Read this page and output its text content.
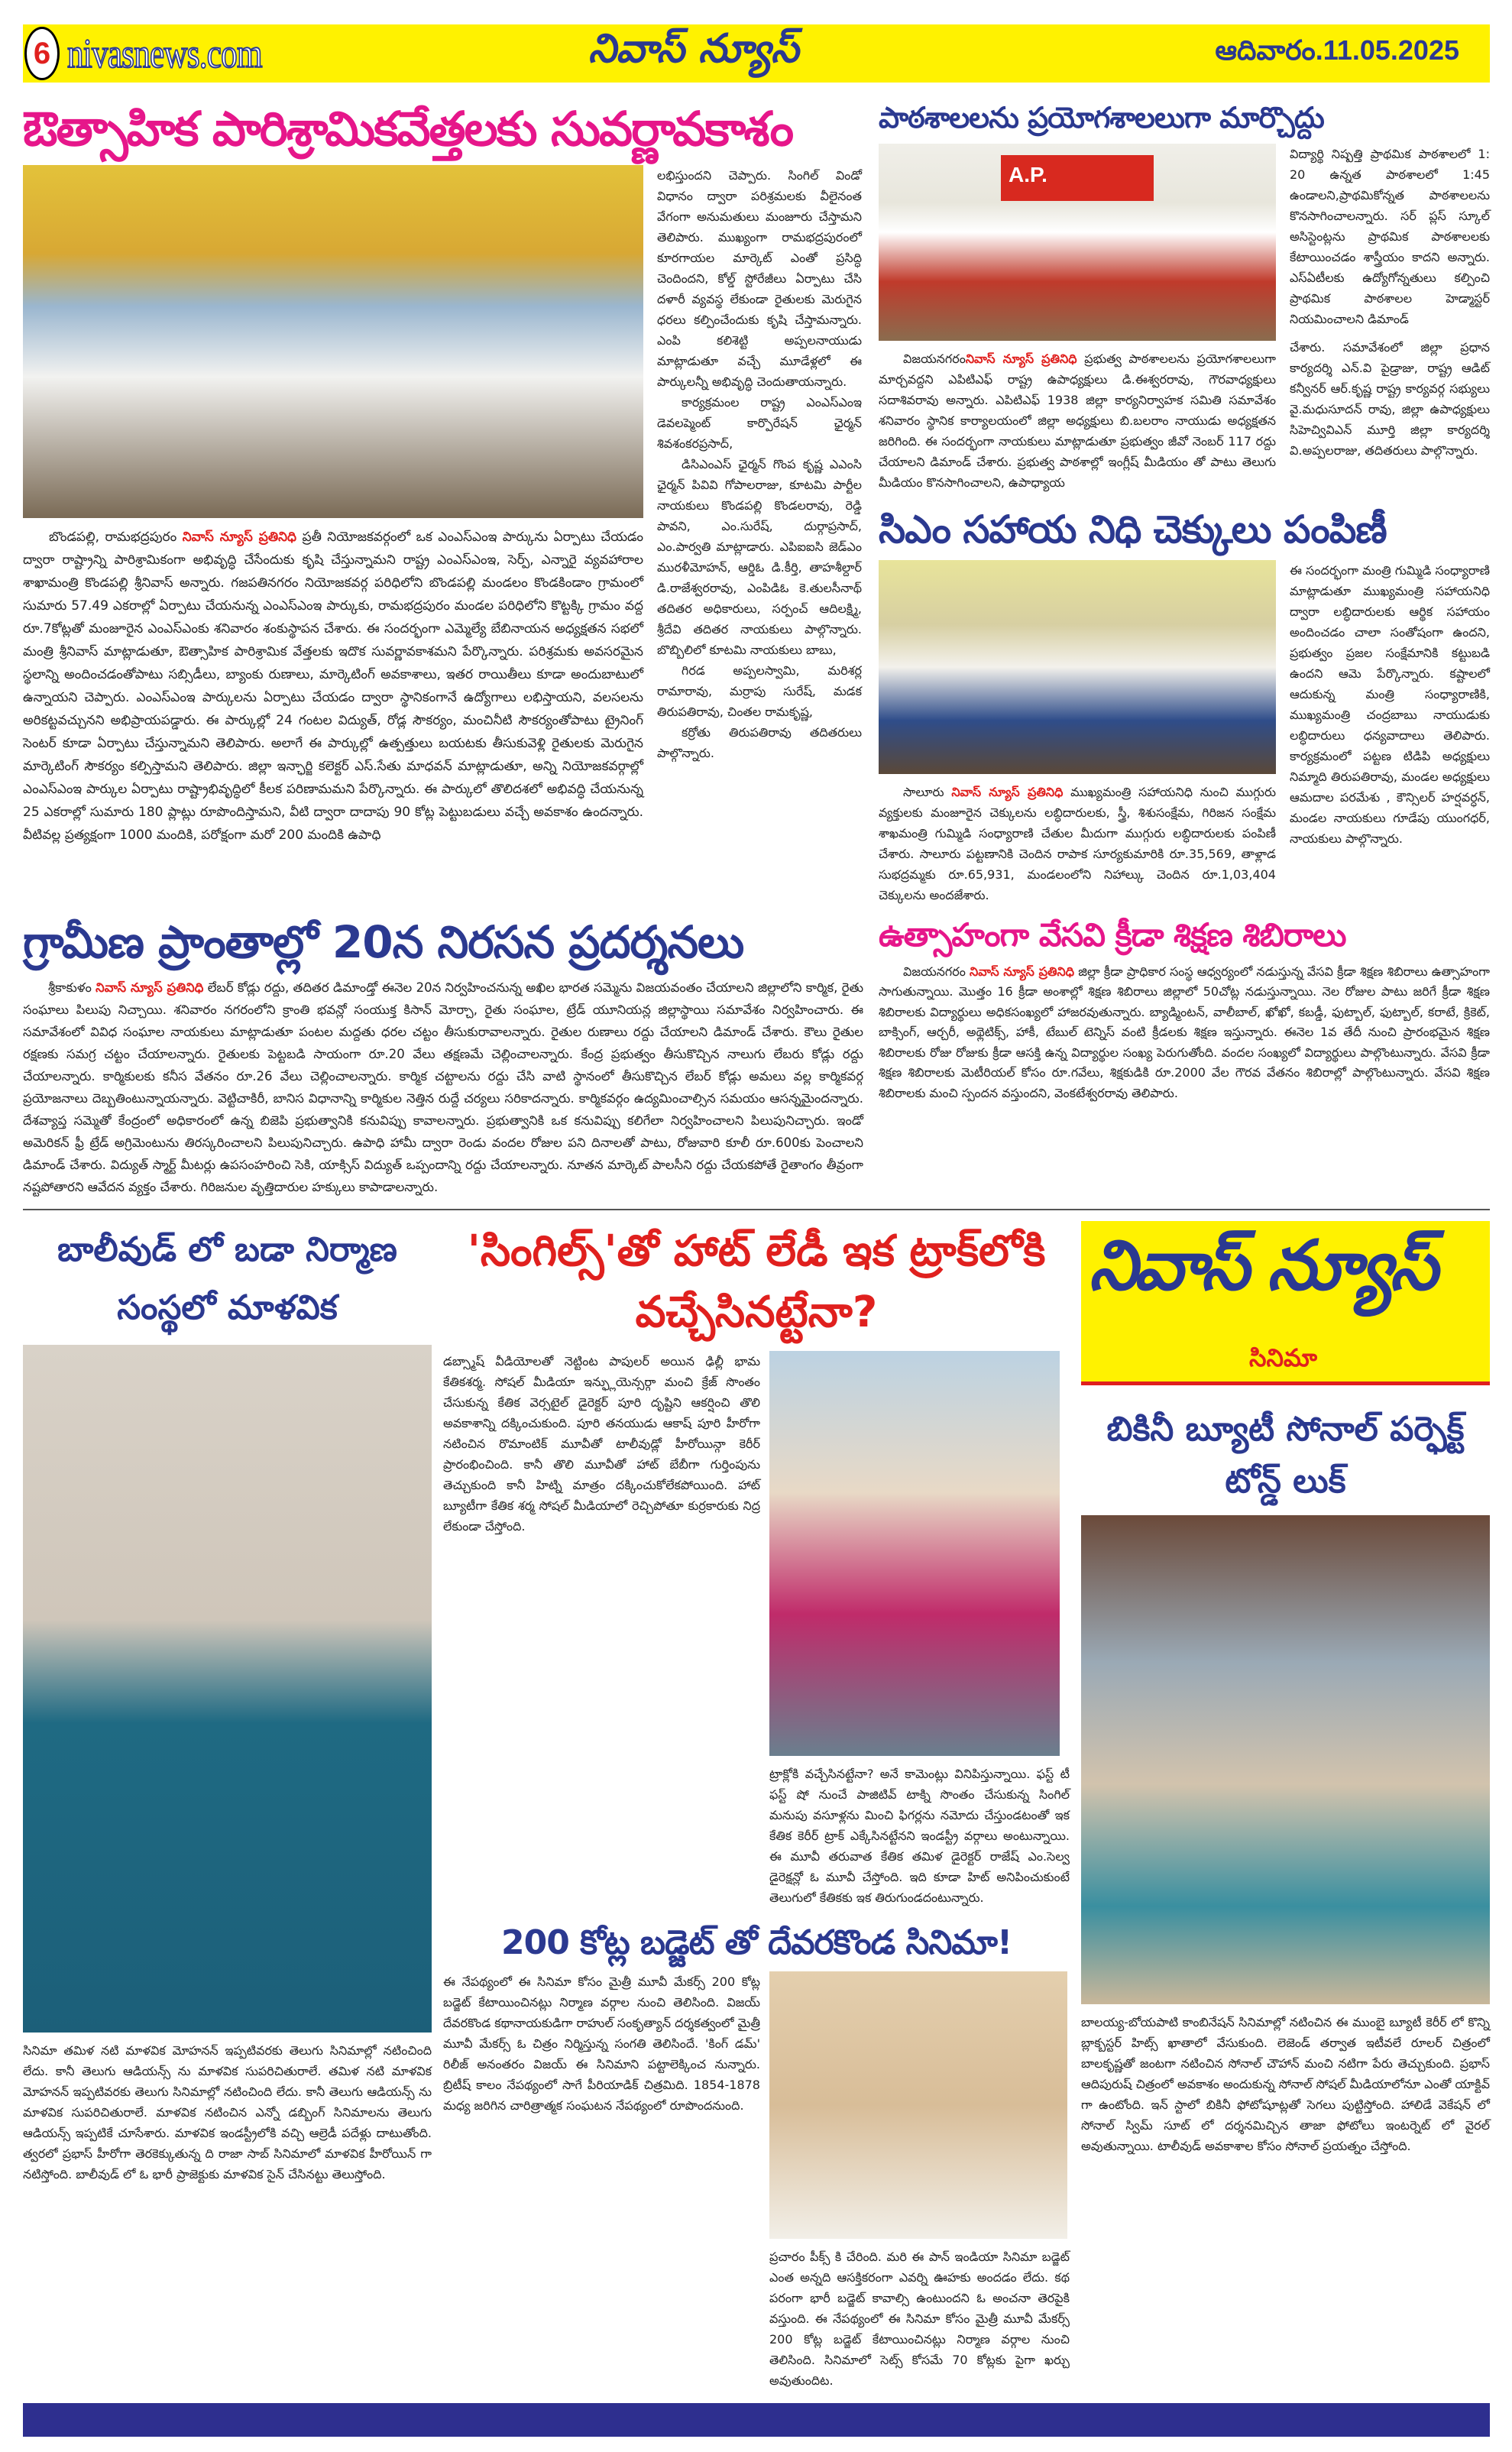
6 nivasnews.com	నివాస్ న్యూస్	ఆదివారం.11.05.2025
ఔత్సాహిక పారిశ్రామికవేత్తలకు సువర్ణావకాశం

బొండపల్లి, రామభద్రపురం నివాస్ న్యూస్ ప్రతినిధి ప్రతీ నియోజకవర్గంలో ఒక ఎంఎస్ఎంఇ పార్కును ఏర్పాటు చేయడం ద్వారా రాష్ట్రాన్ని పారిశ్రామికంగా అభివృద్ధి చేసేందుకు కృషి చేస్తున్నామని రాష్ట్ర ఎంఎస్ఎంఇ, సెర్ప్, ఎన్నారై వ్యవహారాల శాఖామంత్రి కొండపల్లి శ్రీనివాస్ అన్నారు. గజపతినగరం నియోజకవర్గ పరిధిలోని బొండపల్లి మండలం కొండకిండాం గ్రామంలో సుమారు 57.49 ఎకరాల్లో ఏర్పాటు చేయనున్న ఎంఎస్ఎంఇ పార్కుకు, రామభద్రపురం మండల పరిధిలోని కొట్టక్కి గ్రామం వద్ద రూ.7కోట్లతో మంజూరైన ఎంఎస్ఎంకు శనివారం శంకుస్థాపన చేశారు. ఈ సందర్భంగా ఎమ్మెల్యే బేబినాయన అధ్యక్షతన సభలో మంత్రి శ్రీనివాస్ మాట్లాడుతూ, ఔత్సాహిక పారిశ్రామిక వేత్తలకు ఇదొక సువర్ణావకాశమని పేర్కొన్నారు. పరిశ్రమకు అవసరమైన స్థలాన్ని అందించడంతోపాటు సబ్సిడీలు, బ్యాంకు రుణాలు, మార్కెటింగ్ అవకాశాలు, ఇతర రాయితీలు కూడా అందుబాటులో ఉన్నాయని చెప్పారు. ఎంఎస్ఎంఇ పార్కులను ఏర్పాటు చేయడం ద్వారా స్థానికంగానే ఉద్యోగాలు లభిస్తాయని, వలసలను అరికట్టవచ్చునని అభిప్రాయపడ్డారు. ఈ పార్కుల్లో 24 గంటల విద్యుత్, రోడ్ల సౌకర్యం, మంచినీటి సౌకర్యంతోపాటు ట్రైనింగ్ సెంటర్ కూడా ఏర్పాటు చేస్తున్నామని తెలిపారు. అలాగే ఈ పార్కుల్లో ఉత్పత్తులు బయటకు తీసుకువెళ్లి రైతులకు మెరుగైన మార్కెటింగ్ సౌకర్యం కల్పిస్తామని తెలిపారు. జిల్లా ఇన్ఛార్జి కలెక్టర్ ఎస్.సేతు మాధవన్ మాట్లాడుతూ, అన్ని నియోజకవర్గాల్లో ఎంఎస్ఎంఇ పార్కుల ఏర్పాటు రాష్ట్రాభివృద్ధిలో కీలక పరిణామమని పేర్కొన్నారు. ఈ పార్కులో తొలిదశలో అభివద్ధి చేయనున్న 25 ఎకరాల్లో సుమారు 180 ప్లాట్లు రూపొందిస్తామని, వీటి ద్వారా దాదాపు 90 కోట్ల పెట్టుబడులు వచ్చే అవకాశం ఉందన్నారు. వీటివల్ల ప్రత్యక్షంగా 1000 మందికి, పరోక్షంగా మరో 200 మందికి ఉపాధి

లభిస్తుందని చెప్పారు. సింగిల్ విండో విధానం ద్వారా పరిశ్రమలకు వీలైనంత వేగంగా అనుమతులు మంజూరు చేస్తామని తెలిపారు. ముఖ్యంగా రామభద్రపురంలో కూరగాయల మార్కెట్ ఎంతో ప్రసిద్ధి చెందిందని, కోల్డ్ స్టోరేజీలు ఏర్పాటు చేసి దళారీ వ్యవస్థ లేకుండా రైతులకు మెరుగైన ధరలు కల్పించేందుకు కృషి చేస్తామన్నారు. ఎంపి కలిశెట్టి అప్పలనాయుడు మాట్లాడుతూ వచ్చే మూడేళ్లలో ఈ పార్కులన్నీ అభివృద్ధి చెందుతాయన్నారు.

కార్యక్రమంల రాష్ట్ర ఎంఎస్ఎంఇ డెవలప్మెంట్ కార్పొరేషన్ ఛైర్మన్ శివశంకరప్రసాద్,

డిసిఎంఎస్ ఛైర్మన్ గొంప కృష్ణ ఎఎంసి ఛైర్మన్ పివివి గోపాలరాజు, కూటమి పార్టీల నాయకులు కొండపల్లి కొండలరావు, రెడ్డి పావని, ఎం.సురేష్, దుర్గాప్రసాద్, ఎం.పార్వతి మాట్లాడారు. ఎపిఐఐసి జెడ్ఎం మురళీమోహన్, ఆర్డిఓ డి.కీర్తి, తాహశీల్దార్ డి.రాజేశ్వరరావు, ఎంపిడిఓ కె.తులసీనాథ్ తదితర అధికారులు, సర్పంచ్ ఆదిలక్ష్మి, శ్రీదేవి తదితర నాయకులు పాల్గొన్నారు. బొబ్బిలిలో కూటమి నాయకులు బాబు,

గిరడ అప్పలస్వామి, మరిశర్ల రామారావు, మర్రాపు సురేష్, మడక తిరుపతిరావు, చింతల రామకృష్ణ,

కర్రోతు తిరుపతిరావు తదితరులు పాల్గొన్నారు.

పాఠశాలలను ప్రయోగశాలలుగా మార్చొద్దు
A.P.

విజయనగరంనివాస్ న్యూస్ ప్రతినిధి ప్రభుత్వ పాఠశాలలను ప్రయోగశాలలుగా మార్చవద్దని ఎపిటిఎఫ్ రాష్ట్ర ఉపాధ్యక్షులు డి.ఈశ్వరరావు, గౌరవాధ్యక్షులు సదాశివరావు అన్నారు. ఎపిటిఎఫ్ 1938 జిల్లా కార్యనిర్వాహక సమితి సమావేశం శనివారం స్థానిక కార్యాలయంలో జిల్లా అధ్యక్షులు బి.బలరాం నాయుడు అధ్యక్షతన జరిగింది. ఈ సందర్భంగా నాయకులు మాట్లాడుతూ ప్రభుత్వం జీవో నెంబర్ 117 రద్దు చేయాలని డిమాండ్ చేశారు. ప్రభుత్వ పాఠశాల్లో ఇంగ్లీష్ మీడియం తో పాటు తెలుగు మీడియం కొనసాగించాలని, ఉపాధ్యాయ

విద్యార్థి నిష్పత్తి ప్రాథమిక పాఠశాలలో 1: 20 ఉన్నత పాఠశాలలో 1:45 ఉండాలని,ప్రాథమికోన్నత పాఠశాలలను కొనసాగించాలన్నారు. సర్ ప్లస్ స్కూల్ అసిస్టెంట్లను ప్రాథమిక పాఠశాలలకు కేటాయించడం శాస్త్రీయం కాదని అన్నారు. ఎస్ఏటీలకు ఉద్యోగోన్నతులు కల్పించి ప్రాథమిక పాఠశాలల హెడ్మాస్టర్ నియమించాలని డిమాండ్
చేశారు. సమావేశంలో జిల్లా ప్రధాన కార్యదర్శి ఎన్.వి పైడ్రాజు, రాష్ట్ర ఆడిట్ కన్వీనర్ ఆర్.కృష్ణ రాష్ట్ర కార్యవర్గ సభ్యులు వై.మధుసూదన్ రావు, జిల్లా ఉపాధ్యక్షులు సిహెచ్వివిఎన్ మూర్తి జిల్లా కార్యదర్శి వి.అప్పలరాజు, తదితరులు పాల్గొన్నారు.
సిఎం సహాయ నిధి చెక్కులు పంపిణీ

సాలూరు నివాస్ న్యూస్ ప్రతినిధి ముఖ్యమంత్రి సహాయనిధి నుంచి ముగ్గురు వ్యక్తులకు మంజూరైన చెక్కులను లబ్ధిదారులకు, స్త్రీ, శిశుసంక్షేమ, గిరిజన సంక్షేమ శాఖమంత్రి గుమ్మిడి సంధ్యారాణి చేతుల మీదుగా ముగ్గురు లబ్ధిదారులకు పంపిణీ చేశారు. సాలూరు పట్టణానికి చెందిన రాపాక సూర్యకుమారికి రూ.35,569, తాళ్లాడ సుభద్రమ్మకు రూ.65,931, మండలంలోని నిహాల్కు చెందిన రూ.1,03,404 చెక్కులను అందజేశారు.

ఈ సందర్భంగా మంత్రి గుమ్మిడి సంధ్యారాణి మాట్లాడుతూ ముఖ్యమంత్రి సహాయనిధి ద్వారా లబ్ధిదారులకు ఆర్థిక సహాయం అందించడం చాలా సంతోషంగా ఉందని, ప్రభుత్వం ప్రజల సంక్షేమానికి కట్టుబడి ఉందని ఆమె పేర్కొన్నారు. కష్టాలలో ఆదుకున్న మంత్రి సంధ్యారాణికి, ముఖ్యమంత్రి చంద్రబాబు నాయుడుకు లబ్ధిదారులు ధన్యవాదాలు తెలిపారు. కార్యక్రమంలో పట్టణ టిడిపి అధ్యక్షులు నిమ్మాది తిరుపతిరావు, మండల అధ్యక్షులు ఆమదాల పరమేశు , కౌన్సిలర్ హర్షవర్ధన్, మండల నాయకులు గూడేపు యుంగధర్, నాయకులు పాల్గొన్నారు.
గ్రామీణ ప్రాంతాల్లో 20న నిరసన ప్రదర్శనలు

శ్రీకాకుళం నివాస్ న్యూస్ ప్రతినిధి లేబర్ కోడ్లు రద్దు, తదితర డిమాండ్తో ఈనెల 20న నిర్వహించనున్న అఖిల భారత సమ్మెను విజయవంతం చేయాలని జిల్లాలోని కార్మిక, రైతు సంఘాలు పిలుపు నిచ్చాయి. శనివారం నగరంలోని క్రాంతి భవన్లో సంయుక్త కిసాన్ మోర్చా, రైతు సంఘాల, ట్రేడ్ యూనియన్ల జిల్లాస్థాయి సమావేశం నిర్వహించారు. ఈ సమావేశంలో వివిధ సంఘాల నాయకులు మాట్లాడుతూ పంటల మద్దతు ధరల చట్టం తీసుకురావాలన్నారు. రైతుల రుణాలు రద్దు చేయాలని డిమాండ్ చేశారు. కౌలు రైతుల రక్షణకు సమగ్ర చట్టం చేయాలన్నారు. రైతులకు పెట్టబడి సాయంగా రూ.20 వేలు తక్షణమే చెల్లించాలన్నారు. కేంద్ర ప్రభుత్వం తీసుకొచ్చిన నాలుగు లేబరు కోడ్లు రద్దు చేయాలన్నారు. కార్మికులకు కనీస వేతనం రూ.26 వేలు చెల్లించాలన్నారు. కార్మిక చట్టాలను రద్దు చేసి వాటి స్థానంలో తీసుకొచ్చిన లేబర్ కోడ్లు అమలు వల్ల కార్మికవర్గ ప్రయోజనాలు దెబ్బతింటున్నాయన్నారు. వెట్టిచాకిరీ, బానిస విధానాన్ని కార్మికుల నెత్తిన రుద్దే చర్యలు సరికాదన్నారు. కార్మికవర్గం ఉద్యమించాల్సిన సమయం ఆసన్నమైందన్నారు. దేశవ్యాప్త సమ్మెతో కేంద్రంలో అధికారంలో ఉన్న బిజెపి ప్రభుత్వానికి కనువిప్పు కావాలన్నారు. ప్రభుత్వానికి ఒక కనువిప్పు కలిగేలా నిర్వహించాలని పిలుపునిచ్చారు. ఇండో అమెరికన్ ఫ్రీ ట్రేడ్ అగ్రిమెంటును తిరస్కరించాలని పిలుపునిచ్చారు. ఉపాధి హామీ ద్వారా రెండు వందల రోజుల పని దినాలతో పాటు, రోజువారి కూలీ రూ.600కు పెంచాలని డిమాండ్ చేశారు. విద్యుత్ స్మార్ట్ మీటర్లు ఉపసంహరించి సెకి, యాక్సిస్ విద్యుత్ ఒప్పందాన్ని రద్దు చేయాలన్నారు. నూతన మార్కెట్ పాలసీని రద్దు చేయకపోతే రైతాంగం తీవ్రంగా నష్టపోతారని ఆవేదన వ్యక్తం చేశారు. గిరిజనుల వృత్తిదారుల హక్కులు కాపాడాలన్నారు.

ఉత్సాహంగా వేసవి క్రీడా శిక్షణ శిబిరాలు

విజయనగరం నివాస్ న్యూస్ ప్రతినిధి జిల్లా క్రీడా ప్రాధికార సంస్థ ఆధ్వర్యంలో నడుస్తున్న వేసవి క్రీడా శిక్షణ శిబిరాలు ఉత్సాహంగా సాగుతున్నాయి. మొత్తం 16 క్రీడా అంశాల్లో శిక్షణ శిబిరాలు జిల్లాలో 50చోట్ల నడుస్తున్నాయి. నెల రోజుల పాటు జరిగే క్రీడా శిక్షణ శిబిరాలకు విద్యార్థులు అధికసంఖ్యలో హాజరవుతున్నారు. బ్యాడ్మింటన్, వాలీబాల్, ఖోఖో, కబడ్డీ, ఫుట్బాల్, ఫుట్బాల్, కరాటే, క్రికెట్, బాక్సింగ్, ఆర్చరీ, అథ్లెటిక్స్, హాకీ, టేబుల్ టెన్నిస్ వంటి క్రీడలకు శిక్షణ ఇస్తున్నారు. ఈనెల 1వ తేదీ నుంచి ప్రారంభమైన శిక్షణ శిబిరాలకు రోజు రోజుకు క్రీడా ఆసక్తి ఉన్న విద్యార్థుల సంఖ్య పెరుగుతోంది. వందల సంఖ్యలో విద్యార్థులు పాల్గొంటున్నారు. వేసవి క్రీడా శిక్షణ శిబిరాలకు మెటీరియల్ కోసం రూ.గవేలు, శిక్షకుడికి రూ.2000 వేల గౌరవ వేతనం శిబిరాల్లో పాల్గొంటున్నారు. వేసవి శిక్షణ శిబిరాలకు మంచి స్పందన వస్తుందని, వెంకటేశ్వరరావు తెలిపారు.

బాలీవుడ్ లో బడా నిర్మాణ సంస్థలో మాళవిక
సినిమా తమిళ నటి మాళవిక మోహనన్ ఇప్పటివరకు తెలుగు సినిమాల్లో నటించింది లేదు. కానీ తెలుగు ఆడియన్స్ ను మాళవిక సుపరిచితురాలే. తమిళ నటి మాళవిక మోహనన్ ఇప్పటివరకు తెలుగు సినిమాల్లో నటించింది లేదు. కానీ తెలుగు ఆడియన్స్ ను మాళవిక సుపరిచితురాలే. మాళవిక నటించిన ఎన్నో డబ్బింగ్ సినిమాలను తెలుగు ఆడియన్స్ ఇప్పటికే చూసేశారు. మాళవిక ఇండస్ట్రీలోకి వచ్చి ఆల్రెడీ పదేళ్లు దాటుతోంది. త్వరలో ప్రభాస్ హీరోగా తెరకెక్కుతున్న ది రాజా సాబ్ సినిమాలో మాళవిక హీరోయిన్ గా నటిస్తోంది. బాలీవుడ్ లో ఓ భారీ ప్రాజెక్టుకు మాళవిక సైన్ చేసినట్టు తెలుస్తోంది.
'సింగిల్స్'తో హాట్ లేడీ ఇక ట్రాక్‌లోకి వచ్చేసినట్టేనా?
డబ్స్మాష్ వీడియోలతో నెట్టింట పాపులర్ అయిన ఢిల్లీ భామ కేతికశర్మ. సోషల్ మీడియా ఇన్ఫ్లుయెన్సర్గా మంచి క్రేజ్ సొంతం చేసుకున్న కేతిక వెర్సటైల్ డైరెక్టర్ పూరి దృష్టిని ఆకర్షించి తొలి అవకాశాన్ని దక్కించుకుంది. పూరి తనయుడు ఆకాష్ పూరి హీరోగా నటించిన రొమాంటిక్ మూవీతో టాలీవుడ్లో హీరోయిన్గా కెరీర్ ప్రారంభించింది. కానీ తొలి మూవీతో హాట్ బేబీగా గుర్తింపును తెచ్చుకుంది కానీ హిట్ని మాత్రం దక్కించుకోలేకపోయింది. హాట్ బ్యూటీగా కేతిక శర్మ సోషల్ మీడియాలో రెచ్చిపోతూ కుర్రకారుకు నిద్ర లేకుండా చేస్తోంది.
ట్రాక్లోకి వచ్చేసినట్టేనా? అనే కామెంట్లు వినిపిస్తున్నాయి. ఫస్ట్ టీ ఫస్ట్ షో నుంచే పాజిటివ్ టాక్ని సొంతం చేసుకున్న సింగిల్ మనుపు వసూళ్లను మించి ఫిగర్లను నమోదు చేస్తుండటంతో ఇక కేతిక కెరీర్ ట్రాక్ ఎక్కేసినట్టేనని ఇండస్ట్రీ వర్గాలు అంటున్నాయి. ఈ మూవీ తరువాత కేతిక తమిళ డైరెక్టర్ రాజేష్ ఎం.సెల్వ డైరెక్షన్లో ఓ మూవీ చేస్తోంది. ఇది కూడా హిట్ అనిపించుకుంటే తెలుగులో కేతికకు ఇక తిరుగుండదంటున్నారు.
200 కోట్ల బడ్జెట్ తో దేవరకొండ సినిమా!
ఈ నేపథ్యంలో ఈ సినిమా కోసం మైత్రీ మూవీ మేకర్స్ 200 కోట్ల బడ్జెట్ కేటాయించినట్లు నిర్మాణ వర్గాల నుంచి తెలిసింది. విజయ్ దేవరకొండ కథానాయకుడిగా రాహుల్ సంకృత్యాన్ దర్శకత్వంలో మైత్రీ మూవీ మేకర్స్ ఓ చిత్రం నిర్మిస్తున్న సంగతి తెలిసిందే. 'కింగ్ డమ్' రిలీజ్ అనంతరం విజయ్ ఈ సినిమాని పట్టాలెక్కించ నున్నారు. బ్రిటీష్ కాలం నేపథ్యంలో సాగే పీరియాడిక్ చిత్రమిది. 1854-1878 మధ్య జరిగిన చారిత్రాత్మక సంఘటన నేపథ్యంలో రూపొందనుంది.
ప్రచారం పీక్స్ కి చేరింది. మరి ఈ పాన్ ఇండియా సినిమా బడ్జెట్ ఎంత అన్నది ఆసక్తికరంగా ఎవర్ని ఊహకు అందడం లేదు. కథ పరంగా భారీ బడ్జెట్ కావాల్సి ఉంటుందని ఓ అంచనా తెరపైకి వస్తుంది. ఈ నేపథ్యంలో ఈ సినిమా కోసం మైత్రీ మూవీ మేకర్స్ 200 కోట్ల బడ్జెట్ కేటాయించినట్లు నిర్మాణ వర్గాల నుంచి తెలిసింది. సినిమాలో సెట్స్ కోసమే 70 కోట్లకు పైగా ఖర్చు అవుతుందిట.
నివాస్ న్యూస్
సినిమా
బికినీ బ్యూటీ సోనాల్ పర్ఫెక్ట్ టోన్డ్ లుక్
బాలయ్య-బోయపాటి కాంబినేషన్ సినిమాల్లో నటించిన ఈ ముంబై బ్యూటీ కెరీర్ లో కొన్ని బ్లాక్బస్టర్ హిట్స్ ఖాతాలో వేసుకుంది. లెజెండ్ తర్వాత ఇటీవలే రూలర్ చిత్రంలో బాలకృష్ణతో జంటగా నటించిన సోనాల్ చౌహాన్ మంచి నటిగా పేరు తెచ్చుకుంది. ప్రభాస్ ఆదిపురుష్ చిత్రంలో అవకాశం అందుకున్న సోనాల్ సోషల్ మీడియాలోనూ ఎంతో యాక్టివ్ గా ఉంటోంది. ఇన్ స్టాలో బికినీ ఫోటోషూట్లతో సెగలు పుట్టిస్తోంది. హాలిడే వెకేషన్ లో సోనాల్ స్విమ్ సూట్ లో దర్శనమిచ్చిన తాజా ఫోటోలు ఇంటర్నెట్ లో వైరల్ అవుతున్నాయి. టాలీవుడ్ అవకాశాల కోసం సోనాల్ ప్రయత్నం చేస్తోంది.
